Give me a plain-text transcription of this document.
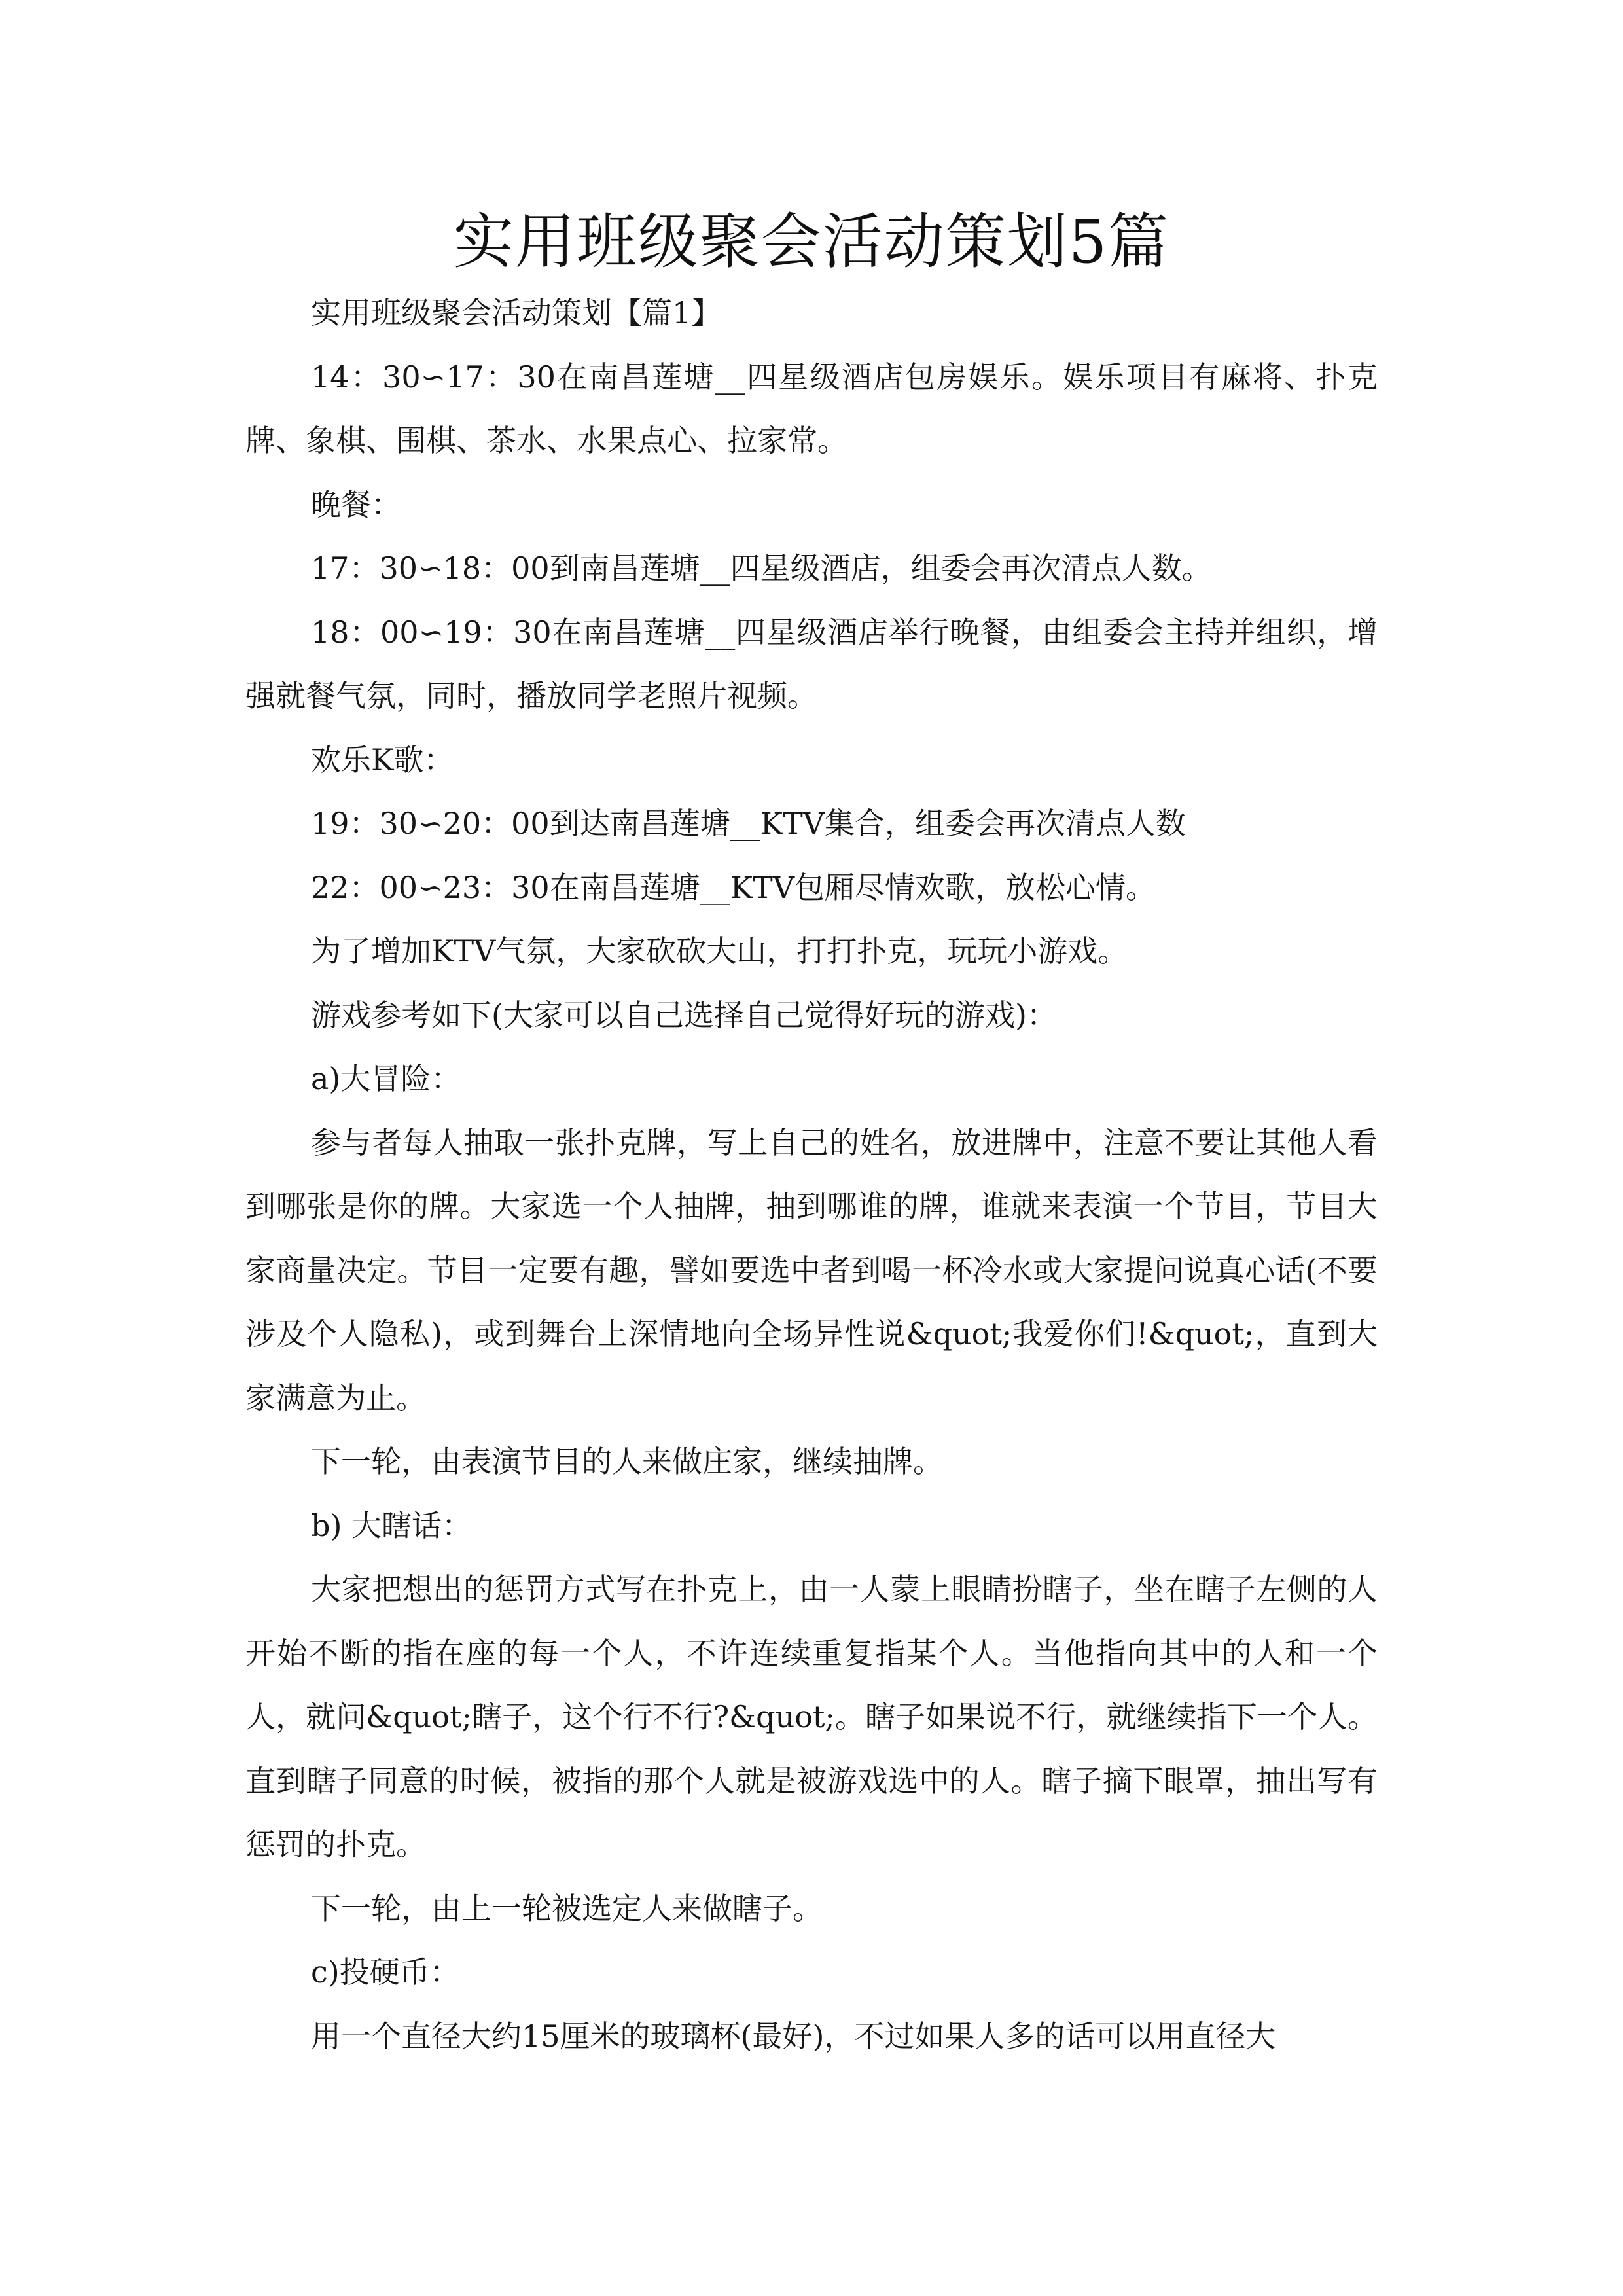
实用班级聚会活动策划5篇

实用班级聚会活动策划【篇1】

14：30∽17：30在南昌莲塘__四星级酒店包房娱乐。娱乐项目有麻将、扑克牌、象棋、围棋、茶水、水果点心、拉家常。

晚餐：

17：30∽18：00到南昌莲塘__四星级酒店，组委会再次清点人数。

18：00∽19：30在南昌莲塘__四星级酒店举行晚餐，由组委会主持并组织，增强就餐气氛，同时，播放同学老照片视频。

欢乐K歌：

19：30∽20：00到达南昌莲塘__KTV集合，组委会再次清点人数

22：00∽23：30在南昌莲塘__KTV包厢尽情欢歌，放松心情。

为了增加KTV气氛，大家砍砍大山，打打扑克，玩玩小游戏。

游戏参考如下(大家可以自己选择自己觉得好玩的游戏)：

a)大冒险：

参与者每人抽取一张扑克牌，写上自己的姓名，放进牌中，注意不要让其他人看到哪张是你的牌。大家选一个人抽牌，抽到哪谁的牌，谁就来表演一个节目，节目大家商量决定。节目一定要有趣，譬如要选中者到喝一杯冷水或大家提问说真心话(不要涉及个人隐私)，或到舞台上深情地向全场异性说&quot;我爱你们!&quot;，直到大家满意为止。

下一轮，由表演节目的人来做庄家，继续抽牌。

b) 大瞎话：

大家把想出的惩罚方式写在扑克上，由一人蒙上眼睛扮瞎子，坐在瞎子左侧的人开始不断的指在座的每一个人，不许连续重复指某个人。当他指向其中的人和一个人，就问&quot;瞎子，这个行不行?&quot;。瞎子如果说不行，就继续指下一个人。直到瞎子同意的时候，被指的那个人就是被游戏选中的人。瞎子摘下眼罩，抽出写有惩罚的扑克。

下一轮，由上一轮被选定人来做瞎子。

c)投硬币：

用一个直径大约15厘米的玻璃杯(最好)，不过如果人多的话可以用直径大
